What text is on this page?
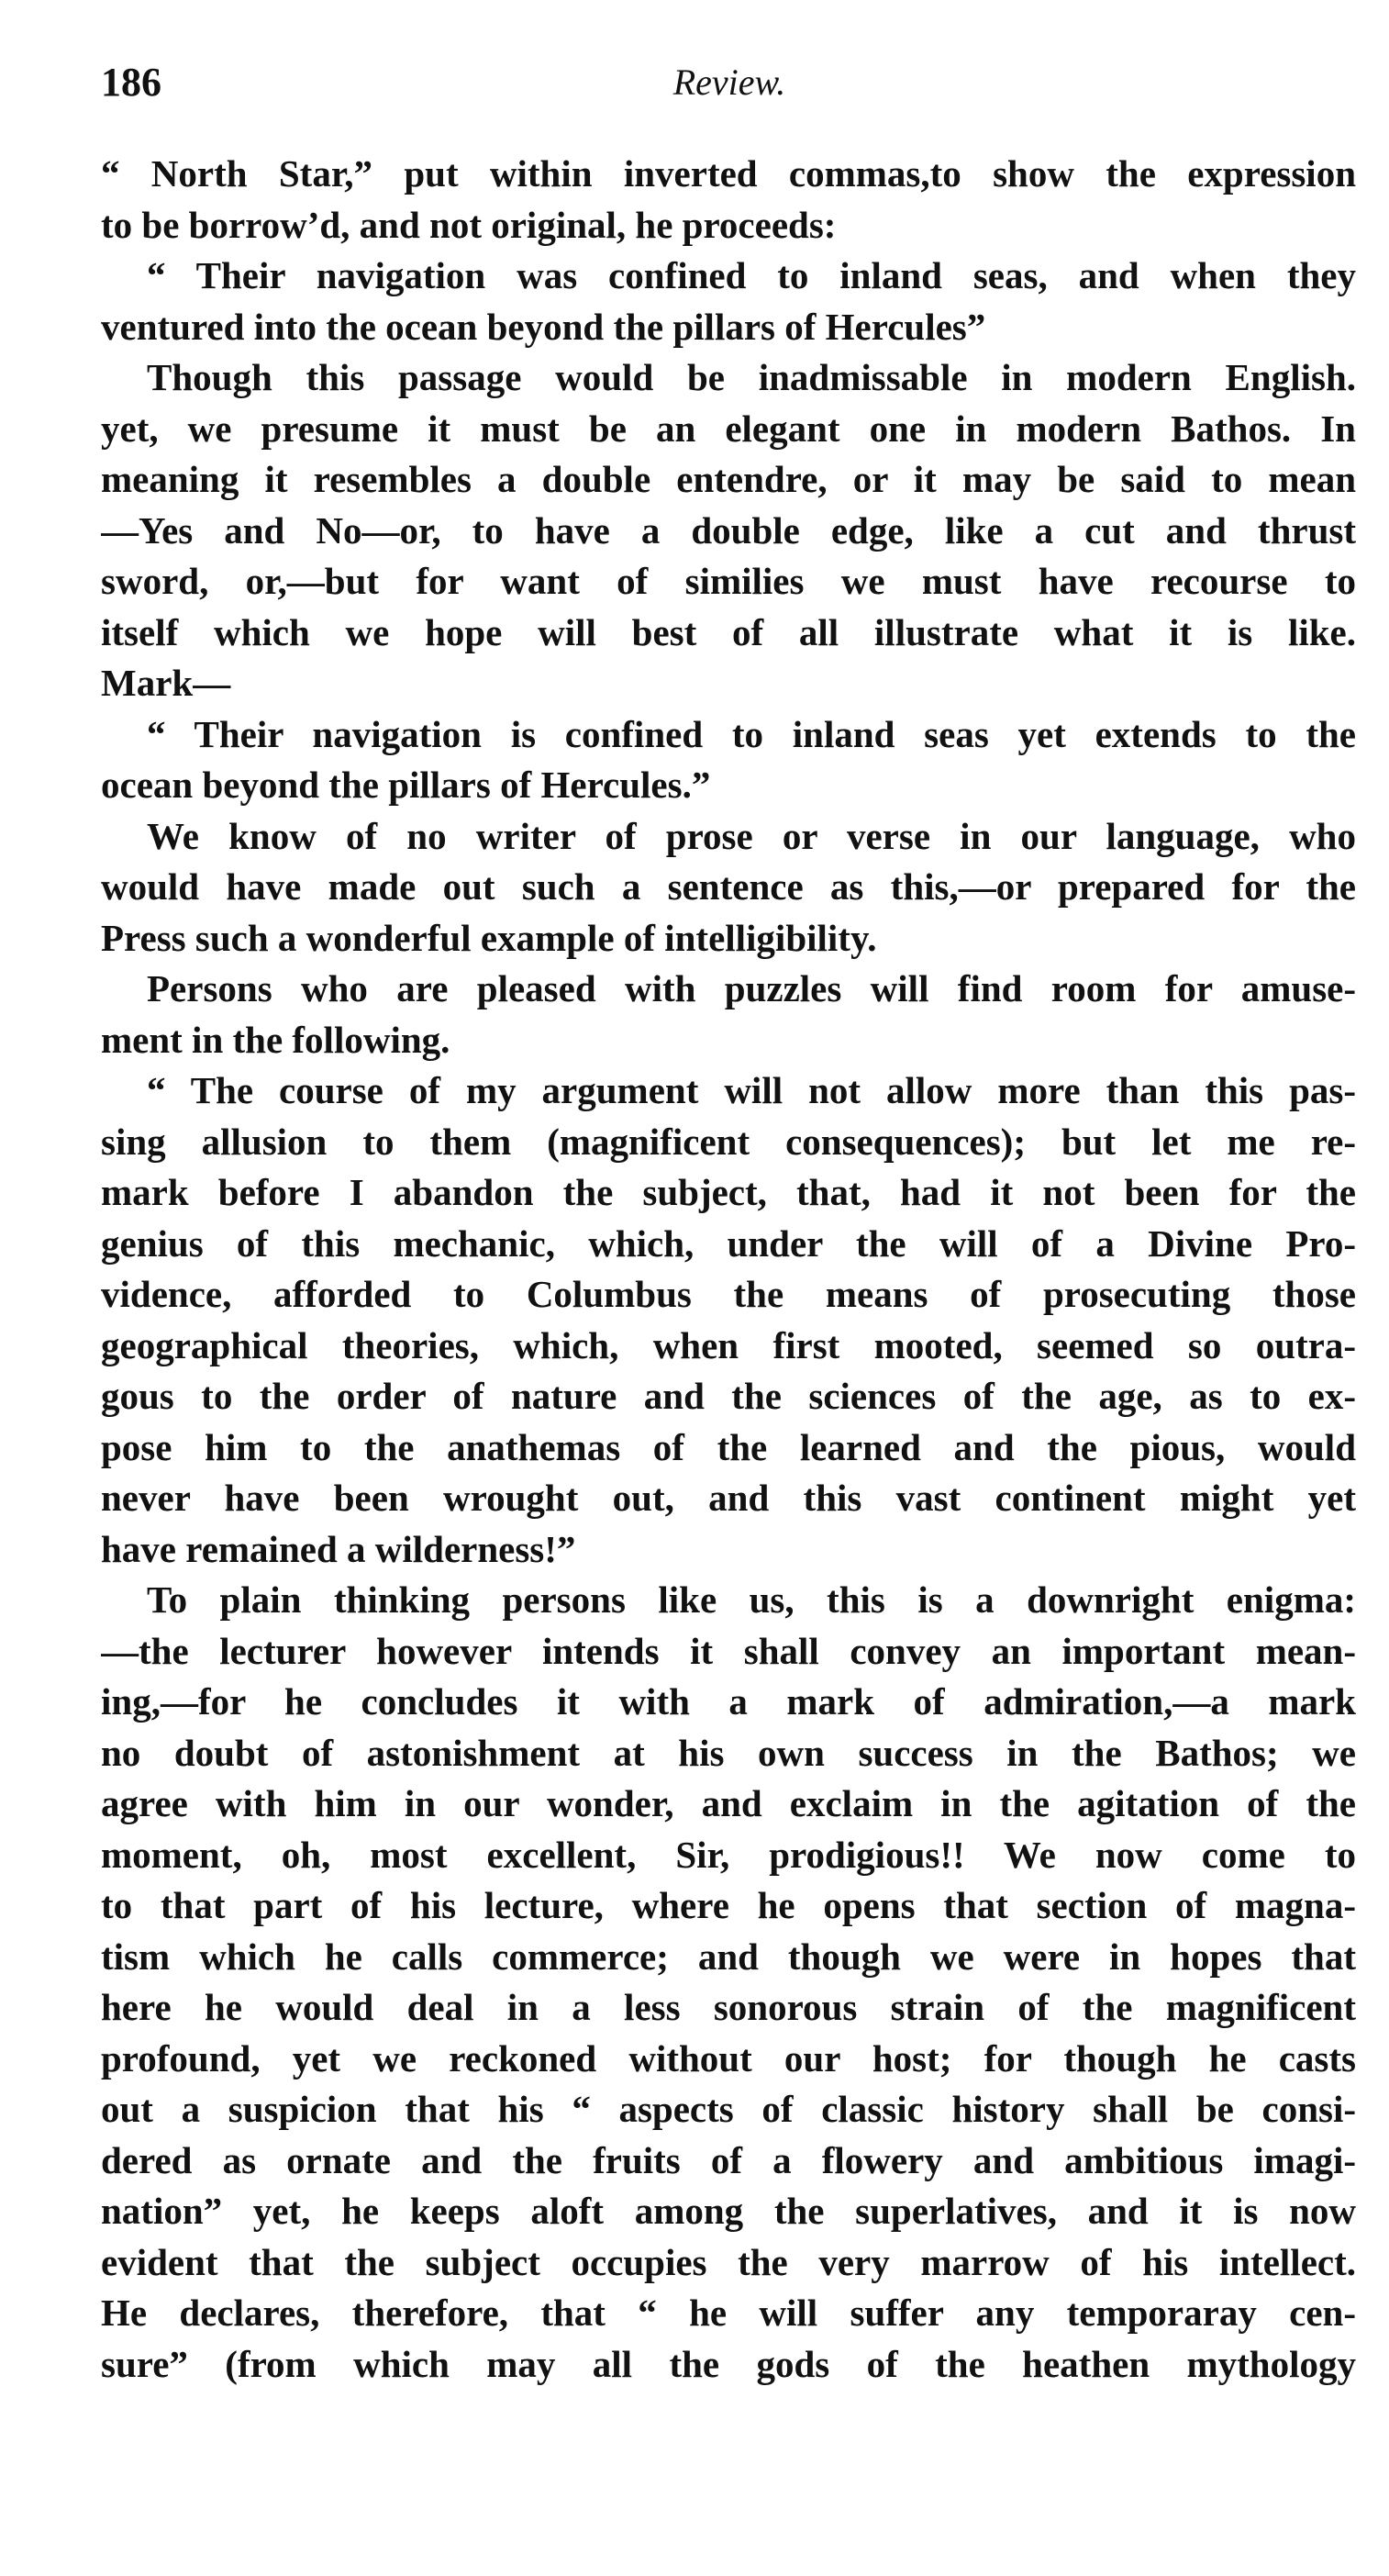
186	Review.
“ North Star,” put within inverted commas,to show the expression
to be borrow’d, and not original, he proceeds:
“ Their navigation was confined to inland seas, and when they
ventured into the ocean beyond the pillars of Hercules”
Though this passage would be inadmissable in modern English.
yet, we presume it must be an elegant one in modern Bathos. In
meaning it resembles a double entendre, or it may be said to mean
—Yes and No—or, to have a double edge, like a cut and thrust
sword, or,—but for want of similies we must have recourse to
itself which we hope will best of all illustrate what it is like.
Mark—
“ Their navigation is confined to inland seas yet extends to the
ocean beyond the pillars of Hercules.”
We know of no writer of prose or verse in our language, who
would have made out such a sentence as this,—or prepared for the
Press such a wonderful example of intelligibility.
Persons who are pleased with puzzles will find room for amuse-
ment in the following.
“ The course of my argument will not allow more than this pas-
sing allusion to them (magnificent consequences); but let me re-
mark before I abandon the subject, that, had it not been for the
genius of this mechanic, which, under the will of a Divine Pro-
vidence, afforded to Columbus the means of prosecuting those
geographical theories, which, when first mooted, seemed so outra-
gous to the order of nature and the sciences of the age, as to ex-
pose him to the anathemas of the learned and the pious, would
never have been wrought out, and this vast continent might yet
have remained a wilderness!”
To plain thinking persons like us, this is a downright enigma:
—the lecturer however intends it shall convey an important mean-
ing,—for he concludes it with a mark of admiration,—a mark
no doubt of astonishment at his own success in the Bathos; we
agree with him in our wonder, and exclaim in the agitation of the
moment, oh, most excellent, Sir, prodigious!! We now come to
to that part of his lecture, where he opens that section of magna-
tism which he calls commerce; and though we were in hopes that
here he would deal in a less sonorous strain of the magnificent
profound, yet we reckoned without our host; for though he casts
out a suspicion that his “ aspects of classic history shall be consi-
dered as ornate and the fruits of a flowery and ambitious imagi-
nation” yet, he keeps aloft among the superlatives, and it is now
evident that the subject occupies the very marrow of his intellect.
He declares, therefore, that “ he will suffer any temporaray cen-
sure” (from which may all the gods of the heathen mythology
